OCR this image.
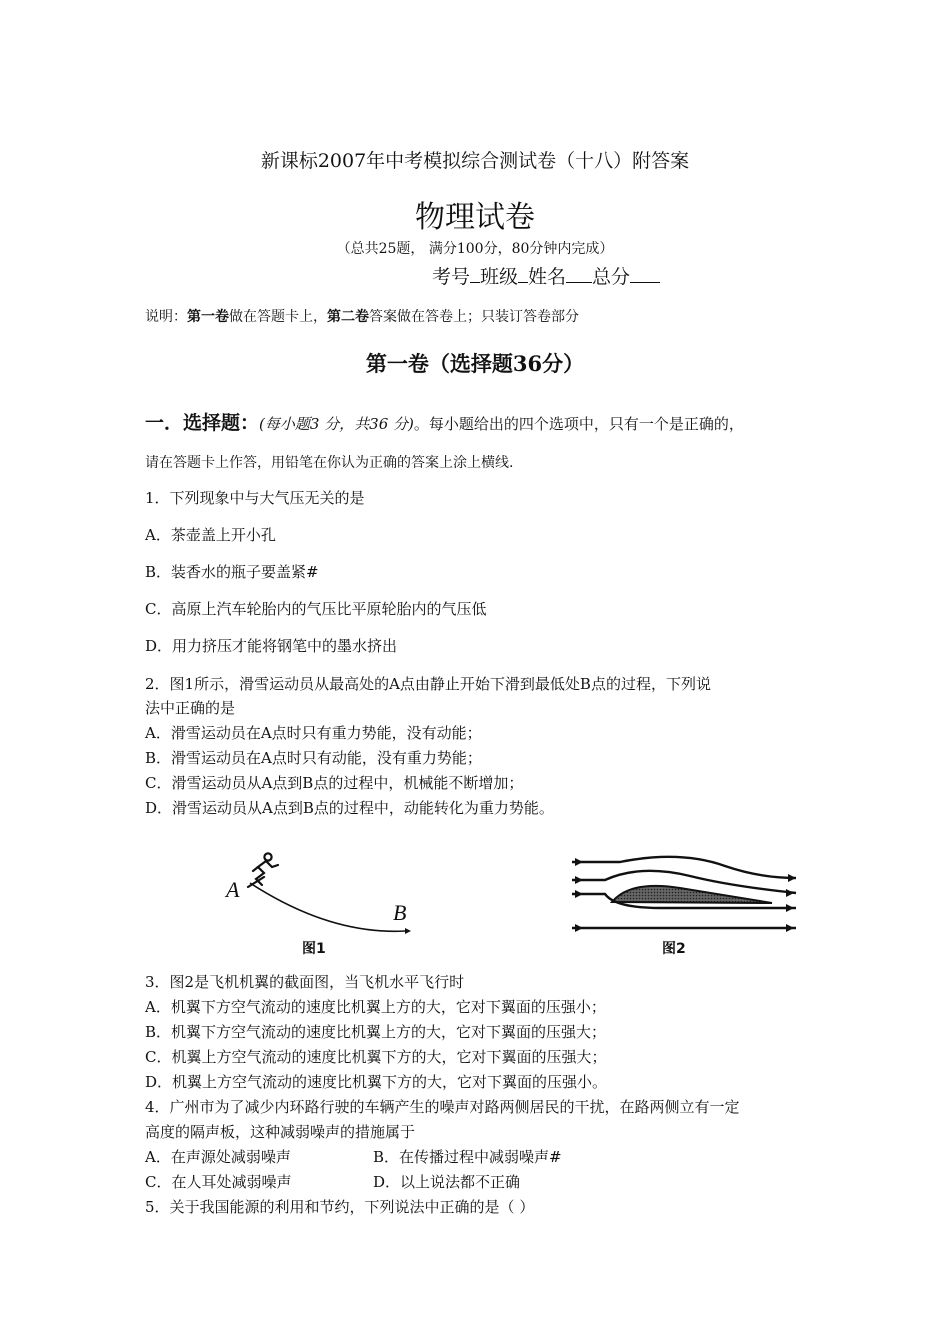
新课标2007年中考模拟综合测试卷（十八）附答案
物理试卷
（总共25题， 满分100分，80分钟内完成）
考号 班级 姓名 总分
说明：第一卷做在答题卡上，第二卷答案做在答卷上；只装订答卷部分
第一卷（选择题36分）
一．选择题：(每小题3 分，共36 分)。每小题给出的四个选项中，只有一个是正确的，
请在答题卡上作答，用铅笔在你认为正确的答案上涂上横线.
1．下列现象中与大气压无关的是
A．茶壶盖上开小孔
B．装香水的瓶子要盖紧#
C．高原上汽车轮胎内的气压比平原轮胎内的气压低
D．用力挤压才能将钢笔中的墨水挤出
2．图1所示，滑雪运动员从最高处的A点由静止开始下滑到最低处B点的过程，下列说
法中正确的是
A．滑雪运动员在A点时只有重力势能，没有动能；
B．滑雪运动员在A点时只有动能，没有重力势能；
C．滑雪运动员从A点到B点的过程中，机械能不断增加；
D．滑雪运动员从A点到B点的过程中，动能转化为重力势能。
A
B
图1	图2
3．图2是飞机机翼的截面图，当飞机水平飞行时
A．机翼下方空气流动的速度比机翼上方的大，它对下翼面的压强小；
B．机翼下方空气流动的速度比机翼上方的大，它对下翼面的压强大；
C．机翼上方空气流动的速度比机翼下方的大，它对下翼面的压强大；
D．机翼上方空气流动的速度比机翼下方的大，它对下翼面的压强小。
4．广州市为了减少内环路行驶的车辆产生的噪声对路两侧居民的干扰，在路两侧立有一定
高度的隔声板，这种减弱噪声的措施属于
A．在声源处减弱噪声	B．在传播过程中减弱噪声#
C．在人耳处减弱噪声	D．以上说法都不正确
5．关于我国能源的利用和节约，下列说法中正确的是（ ）
